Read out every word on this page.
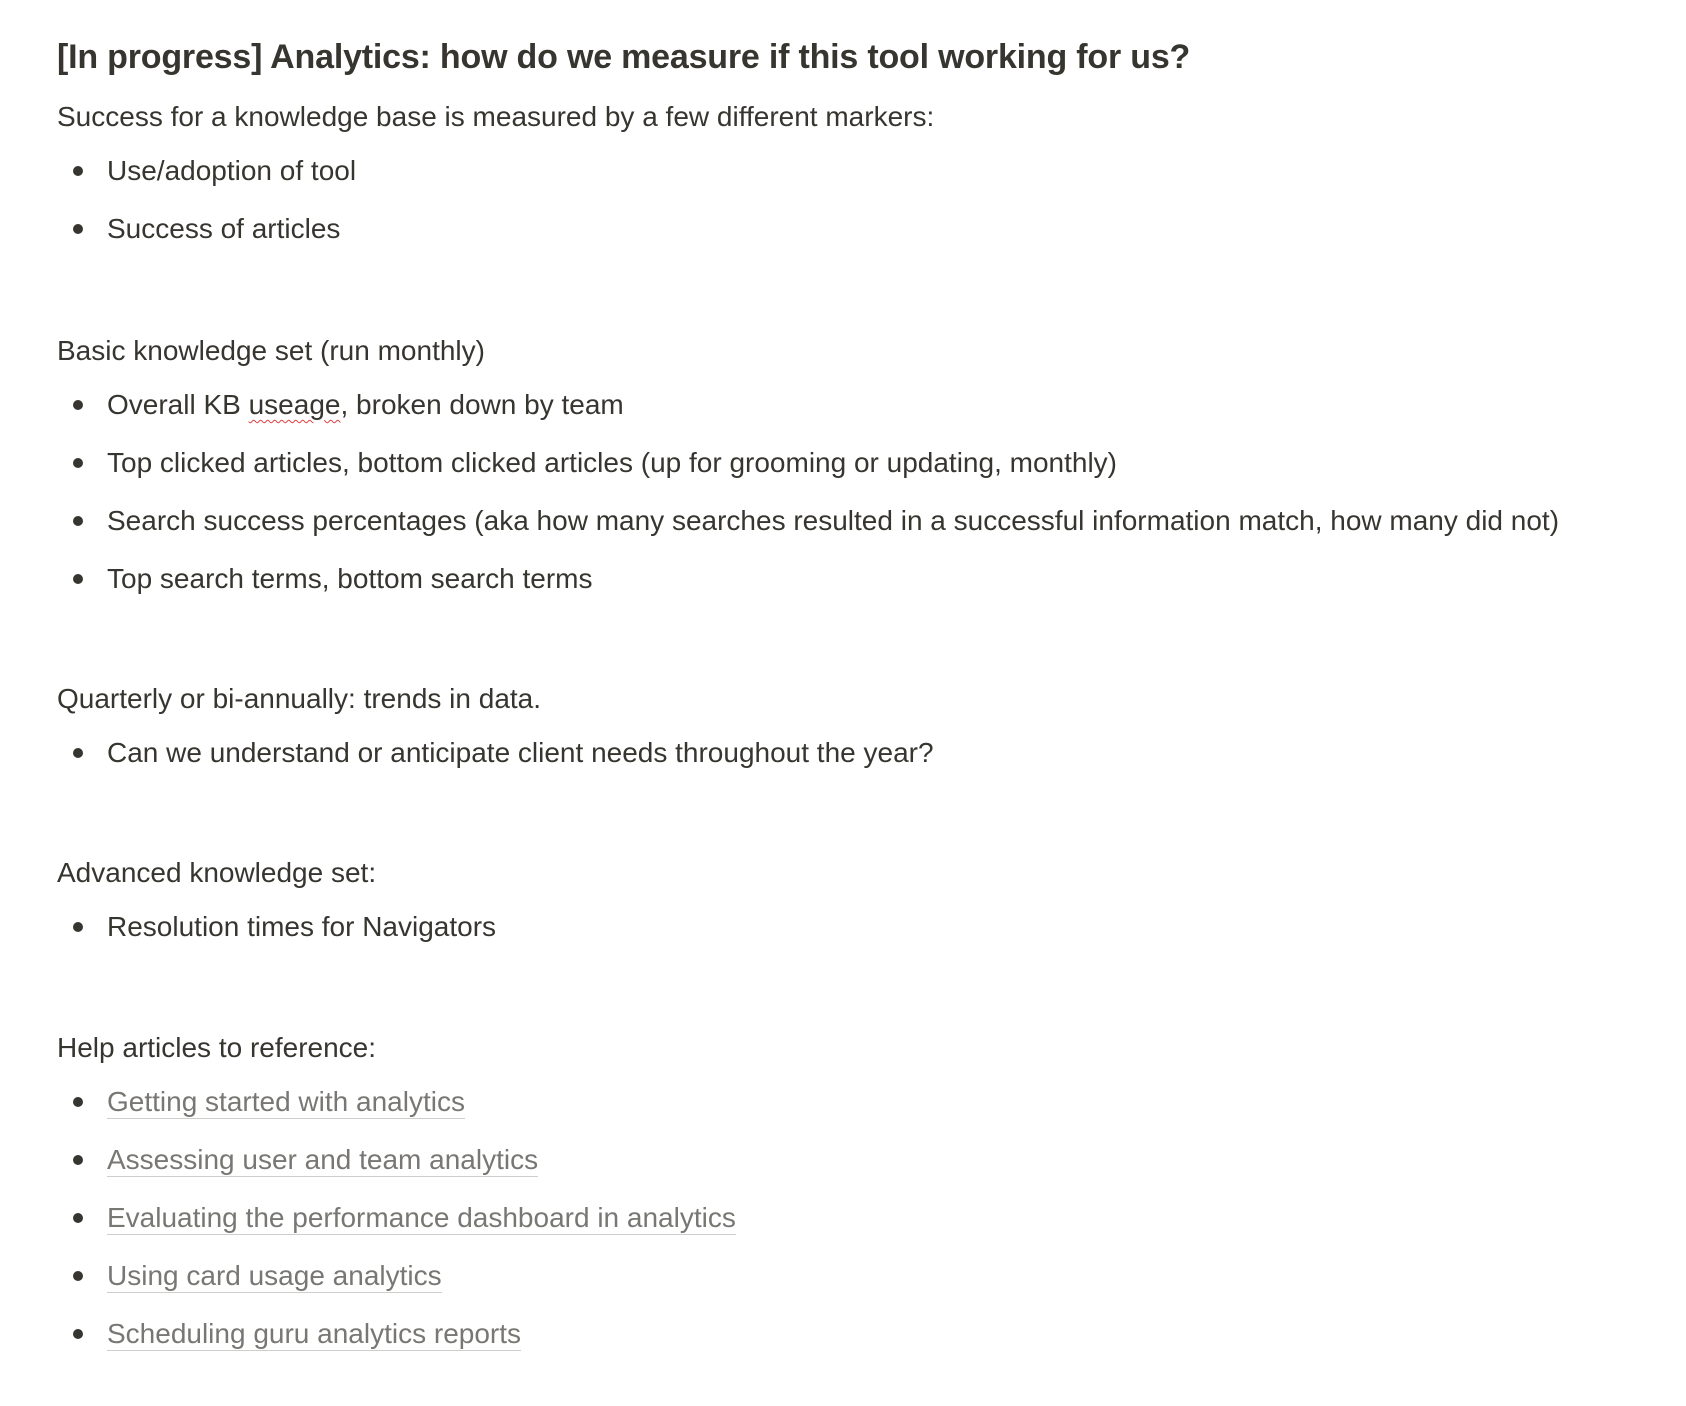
[In progress] Analytics: how do we measure if this tool working for us?

Success for a knowledge base is measured by a few different markers:

Use/adoption of tool
Success of articles

Basic knowledge set (run monthly)

Overall KB useage, broken down by team
Top clicked articles, bottom clicked articles (up for grooming or updating, monthly)
Search success percentages (aka how many searches resulted in a successful information match, how many did not)
Top search terms, bottom search terms

Quarterly or bi-annually: trends in data.

Can we understand or anticipate client needs throughout the year?

Advanced knowledge set:

Resolution times for Navigators

Help articles to reference:

Getting started with analytics
Assessing user and team analytics
Evaluating the performance dashboard in analytics
Using card usage analytics
Scheduling guru analytics reports
